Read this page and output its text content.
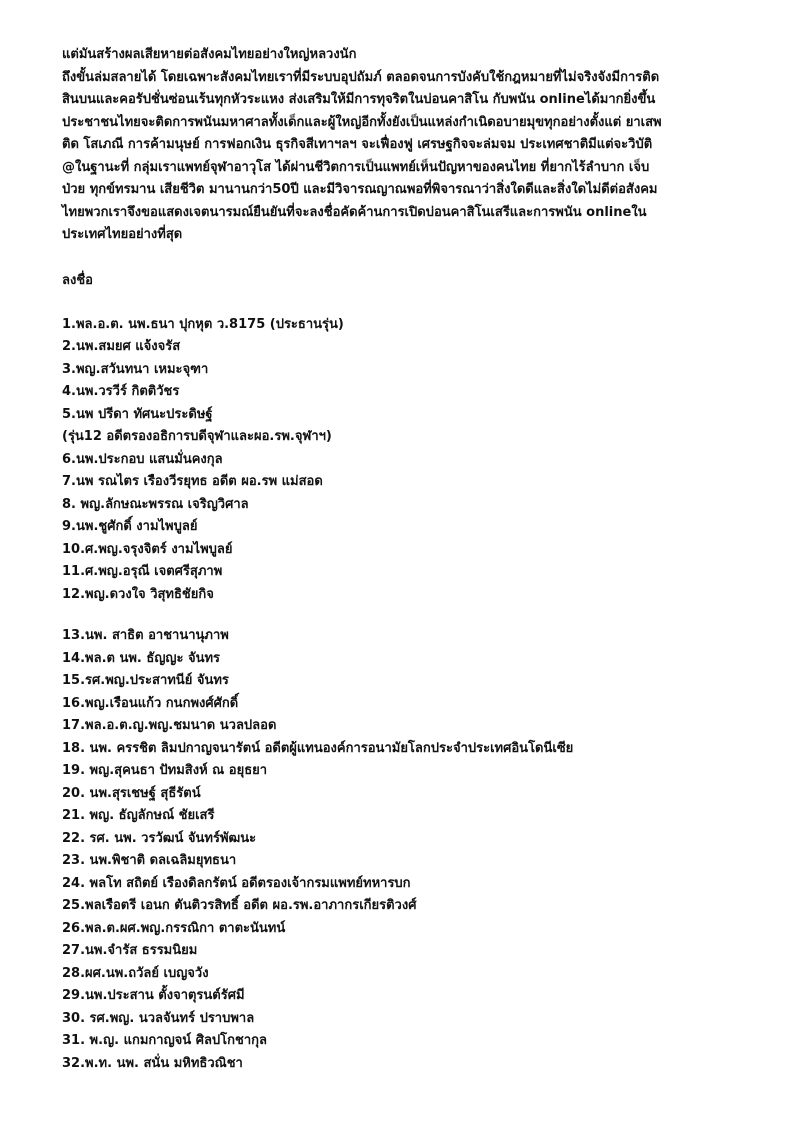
แต่มันสร้างผลเสียหายต่อสังคมไทยอย่างใหญ่หลวงนัก
ถึงขั้นล่มสลายได้ โดยเฉพาะสังคมไทยเราที่มีระบบอุปถัมภ์ ตลอดจนการบังคับใช้กฎหมายที่ไม่จริงจังมีการติด
สินบนและคอรัปชั่นซ่อนเร้นทุกหัวระแหง ส่งเสริมให้มีการทุจริตในบ่อนคาสิโน กับพนัน onlineได้มากยิ่งขึ้น
ประชาชนไทยจะติดการพนันมหาศาลทั้งเด็กและผู้ใหญ่อีกทั้งยังเป็นแหล่งกำเนิดอบายมุขทุกอย่างตั้งแต่ ยาเสพ
ติด โสเภณี การค้ามนุษย์ การฟอกเงิน ธุรกิจสีเทาฯลฯ จะเฟื่องฟู เศรษฐกิจจะล่มจม ประเทศชาติมีแต่จะวิบัติ
@ในฐานะที่ กลุ่มเราแพทย์จุฬาอาวุโส ได้ผ่านชีวิตการเป็นแพทย์เห็นปัญหาของคนไทย ที่ยากไร้ลำบาก เจ็บ
ป่วย ทุกข์ทรมาน เสียชีวิต มานานกว่า50ปี และมีวิจารณญาณพอที่พิจารณาว่าสิ่งใดดีและสิ่งใดไม่ดีต่อสังคม
ไทยพวกเราจึงขอแสดงเจตนารมณ์ยืนยันที่จะลงชื่อคัดค้านการเปิดบ่อนคาสิโนเสรีและการพนัน onlineใน
ประเทศไทยอย่างที่สุด
ลงชื่อ
1.พล.อ.ต. นพ.ธนา ปุกหุต ว.8175 (ประธานรุ่น)
2.นพ.สมยศ แจ้งจรัส
3.พญ.สวันทนา เหมะจุฑา
4.นพ.วรวีร์ กิตติวัชร
5.นพ ปรีดา ทัศนะประดิษฐ์
(รุ่น12 อดีตรองอธิการบดีจุฬาและผอ.รพ.จุฬาฯ)
6.นพ.ประกอบ แสนมั่นคงกุล
7.นพ รณไตร เรืองวีรยุทธ อดีต ผอ.รพ แม่สอด
8. พญ.ลักษณะพรรณ เจริญวิศาล
9.นพ.ชูศักดิ์ งามไพบูลย์
10.ศ.พญ.จรุงจิตร์ งามไพบูลย์
11.ศ.พญ.อรุณี เจตศรีสุภาพ
12.พญ.ดวงใจ วิสุทธิชัยกิจ
13.นพ. สาธิต อาชานานุภาพ
14.พล.ต นพ. ธัญญะ จันทร
15.รศ.พญ.ประสาทนีย์ จันทร
16.พญ.เรือนแก้ว กนกพงศ์ศักดิ์
17.พล.อ.ต.ญ.พญ.ชมนาด นวลปลอด
18. นพ. ครรชิต ลิมปกาญจนารัตน์ อดีตผู้แทนองค์การอนามัยโลกประจำประเทศอินโดนีเซีย
19. พญ.สุคนธา ปัทมสิงห์ ณ อยุธยา
20. นพ.สุรเชษฐ์ สุธีรัตน์
21. พญ. ธัญลักษณ์ ชัยเสรี
22. รศ. นพ. วรวัฒน์ จันทร์พัฒนะ
23. นพ.พิชาติ ดลเฉลิมยุทธนา
24. พลโท สถิตย์ เรืองดิลกรัตน์ อดีตรองเจ้ากรมแพทย์ทหารบก
25.พลเรือตรี เอนก ตันติวรสิทธิ์ อดีต ผอ.รพ.อาภากรเกียรติวงศ์
26.พล.ต.ผศ.พญ.กรรณิกา ตาตะนันทน์
27.นพ.จำรัส ธรรมนิยม
28.ผศ.นพ.ถวัลย์ เบญจวัง
29.นพ.ประสาน ตั้งจาตุรนต์รัศมี
30. รศ.พญ. นวลจันทร์ ปราบพาล
31. พ.ญ. แกมกาญจน์ ศิลปโกชากุล
32.พ.ท. นพ. สนั่น มหิทธิวณิชา
